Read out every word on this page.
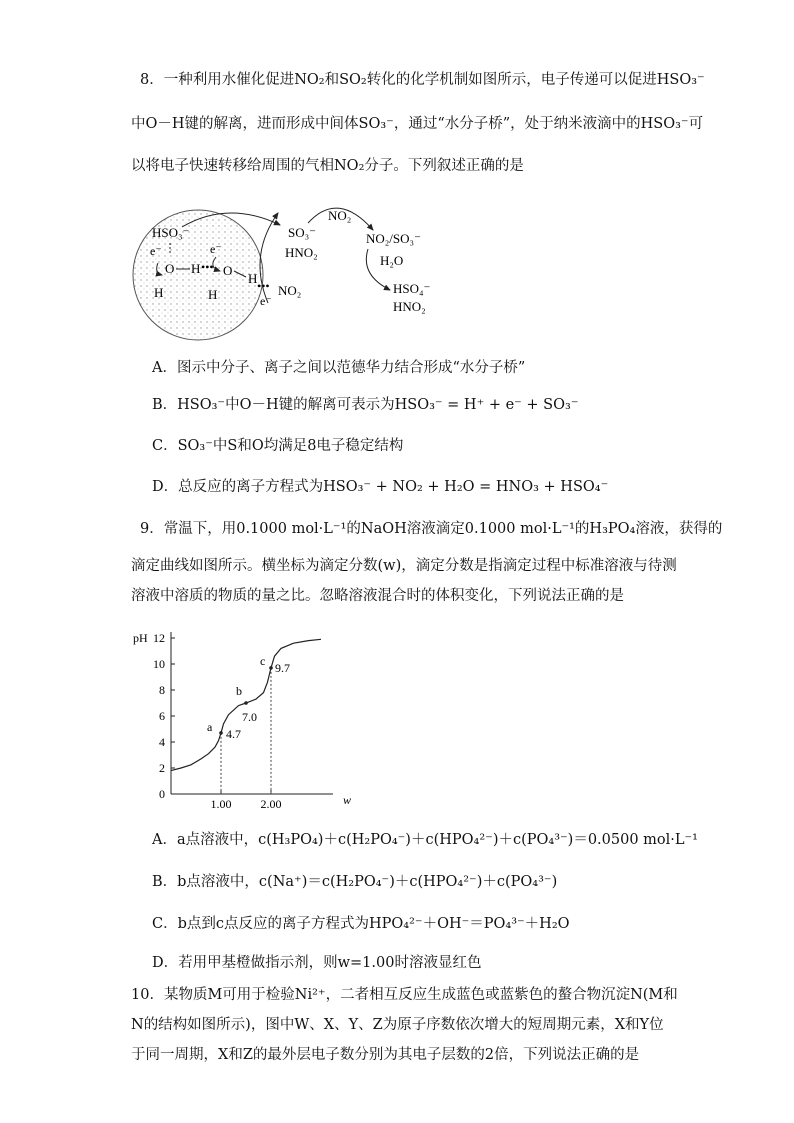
8．一种利用水催化促进NO₂和SO₂转化的化学机制如图所示，电子传递可以促进HSO₃⁻
中O－H键的解离，进而形成中间体SO₃⁻，通过“水分子桥”，处于纳米液滴中的HSO₃⁻可
以将电子快速转移给周围的气相NO₂分子。下列叙述正确的是
HSO₃⁻
e⁻	e⁻
e⁻
O H O
H	H
H
NO₂
•••
•••
SO₃⁻
HNO₂
NO₂
NO₂/SO₃⁻
H₂O
HSO₄⁻
HNO₂
A．图示中分子、离子之间以范德华力结合形成“水分子桥”
B．HSO₃⁻中O－H键的解离可表示为HSO₃⁻ = H⁺ + e⁻ + SO₃⁻
C．SO₃⁻中S和O均满足8电子稳定结构
D．总反应的离子方程式为HSO₃⁻ + NO₂ + H₂O = HNO₃ + HSO₄⁻
9．常温下，用0.1000 mol·L⁻¹的NaOH溶液滴定0.1000 mol·L⁻¹的H₃PO₄溶液，获得的
滴定曲线如图所示。横坐标为滴定分数(w)，滴定分数是指滴定过程中标准溶液与待测
溶液中溶质的物质的量之比。忽略溶液混合时的体积变化，下列说法正确的是
pH
w
0
2
4
6
8
10
12
1.00 2.00
a 4.7
b
7.0
c 9.7
A．a点溶液中，c(H₃PO₄)＋c(H₂PO₄⁻)＋c(HPO₄²⁻)＋c(PO₄³⁻)＝0.0500 mol·L⁻¹
B．b点溶液中，c(Na⁺)＝c(H₂PO₄⁻)＋c(HPO₄²⁻)＋c(PO₄³⁻)
C．b点到c点反应的离子方程式为HPO₄²⁻＋OH⁻＝PO₄³⁻＋H₂O
D．若用甲基橙做指示剂，则w=1.00时溶液显红色
10．某物质M可用于检验Ni²⁺，二者相互反应生成蓝色或蓝紫色的螯合物沉淀N(M和
N的结构如图所示)，图中W、X、Y、Z为原子序数依次增大的短周期元素，X和Y位
于同一周期，X和Z的最外层电子数分别为其电子层数的2倍，下列说法正确的是
